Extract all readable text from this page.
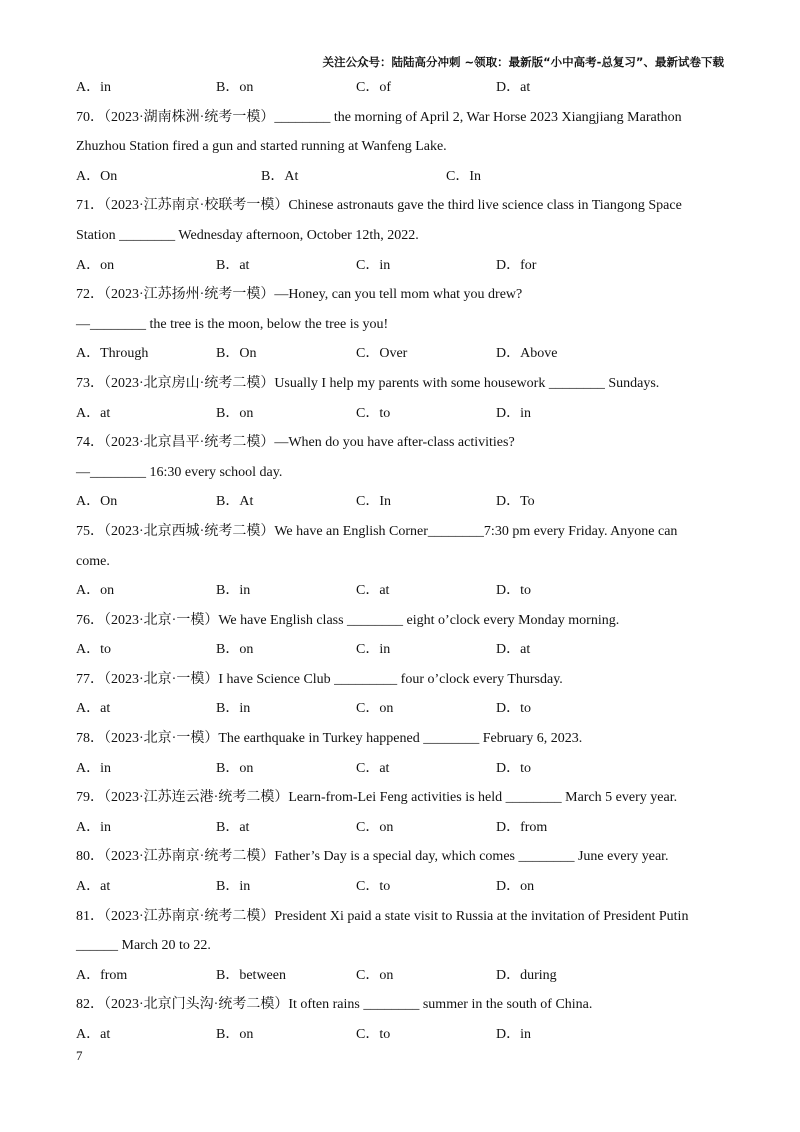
关注公众号：陆陆高分冲刺 ~领取：最新版“小中高考-总复习”、最新试卷下载
A．in	B．on	C．of	D．at
70．（2023·湖南株洲·统考一模）________ the morning of April 2, War Horse 2023 Xiangjiang Marathon
Zhuzhou Station fired a gun and started running at Wanfeng Lake.
A．On	B．At	C．In
71．（2023·江苏南京·校联考一模）Chinese astronauts gave the third live science class in Tiangong Space
Station ________ Wednesday afternoon, October 12th, 2022.
A．on	B．at	C．in	D．for
72．（2023·江苏扬州·统考一模）—Honey, can you tell mom what you drew?
—________ the tree is the moon, below the tree is you!
A．Through	B．On	C．Over	D．Above
73．（2023·北京房山·统考二模）Usually I help my parents with some housework ________ Sundays.
A．at	B．on	C．to	D．in
74．（2023·北京昌平·统考二模）—When do you have after-class activities?
—________ 16:30 every school day.
A．On	B．At	C．In	D．To
75．（2023·北京西城·统考二模）We have an English Corner________7:30 pm every Friday. Anyone can
come.
A．on	B．in	C．at	D．to
76．（2023·北京·一模）We have English class ________ eight o’clock every Monday morning.
A．to	B．on	C．in	D．at
77．（2023·北京·一模）I have Science Club _________ four o’clock every Thursday.
A．at	B．in	C．on	D．to
78．（2023·北京·一模）The earthquake in Turkey happened ________ February 6, 2023.
A．in	B．on	C．at	D．to
79．（2023·江苏连云港·统考二模）Learn-from-Lei Feng activities is held ________ March 5 every year.
A．in	B．at	C．on	D．from
80．（2023·江苏南京·统考二模）Father’s Day is a special day, which comes ________ June every year.
A．at	B．in	C．to	D．on
81．（2023·江苏南京·统考二模）President Xi paid a state visit to Russia at the invitation of President Putin
______ March 20 to 22.
A．from	B．between	C．on	D．during
82．（2023·北京门头沟·统考二模）It often rains ________ summer in the south of China.
A．at	B．on	C．to	D．in
7
